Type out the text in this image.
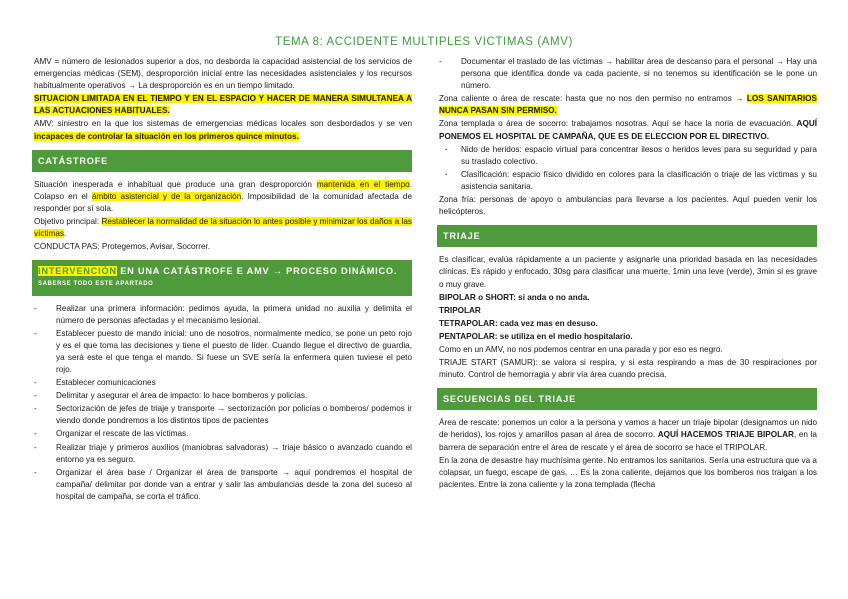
TEMA 8: ACCIDENTE MULTIPLES VICTIMAS (AMV)

AMV = número de lesionados superior a dos, no desborda la capacidad asistencial de los servicios de emergencias médicas (SEM), desproporción inicial entre las necesidades asistenciales y los recursos habitualmente operativos → La desproporción es en un tiempo limitado.

SITUACION LIMITADA EN EL TIEMPO Y EN EL ESPACIO Y HACER DE MANERA SIMULTANEA A LAS ACTUACIONES HABITUALES.

AMV: siniestro en la que los sistemas de emergencias médicas locales son desbordados y se ven incapaces de controlar la situación en los primeros quince minutos.

CATÁSTROFE

Situación inesperada e inhabitual que produce una gran desproporción mantenida en el tiempo. Colapso en el ámbito asistencial y de la organización. Imposibilidad de la comunidad afectada de responder por sí sola.

Objetivo principal: Restablecer la normalidad de la situación lo antes posible y minimizar los daños a las víctimas.

CONDUCTA PAS: Protegemos, Avisar, Socorrer.

INTERVENCIÓN EN UNA CATÁSTROFE E AMV → PROCESO DINÁMICO.
SABERSE TODO ESTE APARTADO
- Realizar una primera información: pedimos ayuda, la primera unidad no auxilia y delimita el número de personas afectadas y el mecanismo lesional.
- Establecer puesto de mando inicial: uno de nosotros, normalmente medico, se pone un peto rojo y es el que toma las decisiones y tiene el puesto de líder. Cuando llegue el directivo de guardia, ya será este el que tenga el mando. Si fuese un SVE sería la enfermera quien tuviese el peto rojo.
- Establecer comunicaciones
- Delimitar y asegurar el área de impacto: lo hace bomberos y policías.
- Sectorización de jefes de triaje y transporte → sectorización por policías o bomberos/ podemos ir viendo donde pondremos a los distintos tipos de pacientes
- Organizar el rescate de las víctimas.
- Realizar triaje y primeros auxilios (maniobras salvadoras) → triaje básico o avanzado cuando el entorno ya es seguro.
- Organizar el área base / Organizar el área de transporte → aquí pondremos el hospital de campaña/ delimitar por donde van a entrar y salir las ambulancias desde la zona del suceso al hospital de campaña, se corta el tráfico.
- Documentar el traslado de las víctimas → habilitar área de descanso para el personal → Hay una persona que identifica donde va cada paciente, si no tenemos su identificación se le pone un número.

Zona caliente o área de rescate: hasta que no nos den permiso no entramos → LOS SANITARIOS NUNCA PASAN SIN PERMISO.

Zona templada o área de socorro: trabajamos nosotras. Aquí se hace la noria de evacuación. AQUÍ PONEMOS EL HOSPITAL DE CAMPAÑA, QUE ES DE ELECCION POR EL DIRECTIVO.

· Nido de heridos: espacio virtual para concentrar ilesos o heridos leves para su seguridad y para su traslado colectivo.
· Clasificación: espacio físico dividido en colores para la clasificación o triaje de las víctimas y su asistencia sanitaria.

Zona fría: personas de apoyo o ambulancias para llevarse a los pacientes. Aquí pueden venir los helicópteros.

TRIAJE

Es clasificar, evalúa rápidamente a un paciente y asignarle una prioridad basada en las necesidades clínicas. Es rápido y enfocado. 30sg para clasificar una muerte, 1min una leve (verde), 3min si es grave o muy grave.

BIPOLAR o SHORT: si anda o no anda.

TRIPOLAR

TETRAPOLAR: cada vez mas en desuso.

PENTAPOLAR: se utiliza en el medio hospitalario.

Como en un AMV, no nos podemos centrar en una parada y por eso es negro.

TRIAJE START (SAMUR): se valora si respira, y si esta respirando a mas de 30 respiraciones por minuto. Control de hemorragia y abrir vía área cuando precisa.

SECUENCIAS DEL TRIAJE

Área de rescate: ponemos un color a la persona y vamos a hacer un triaje bipolar (designamos un nido de heridos), los rojos y amarillos pasan al área de socorro. AQUÍ HACEMOS TRIAJE BIPOLAR, en la barrera de separación entre el área de rescate y el área de socorro se hace el TRIPOLAR.

En la zona de desastre hay muchísima gente. No entramos los sanitarios. Sería una estructura que va a colapsar, un fuego, escape de gas, … Es la zona caliente, dejamos que los bomberos nos traigan a los pacientes. Entre la zona caliente y la zona templada (flecha
